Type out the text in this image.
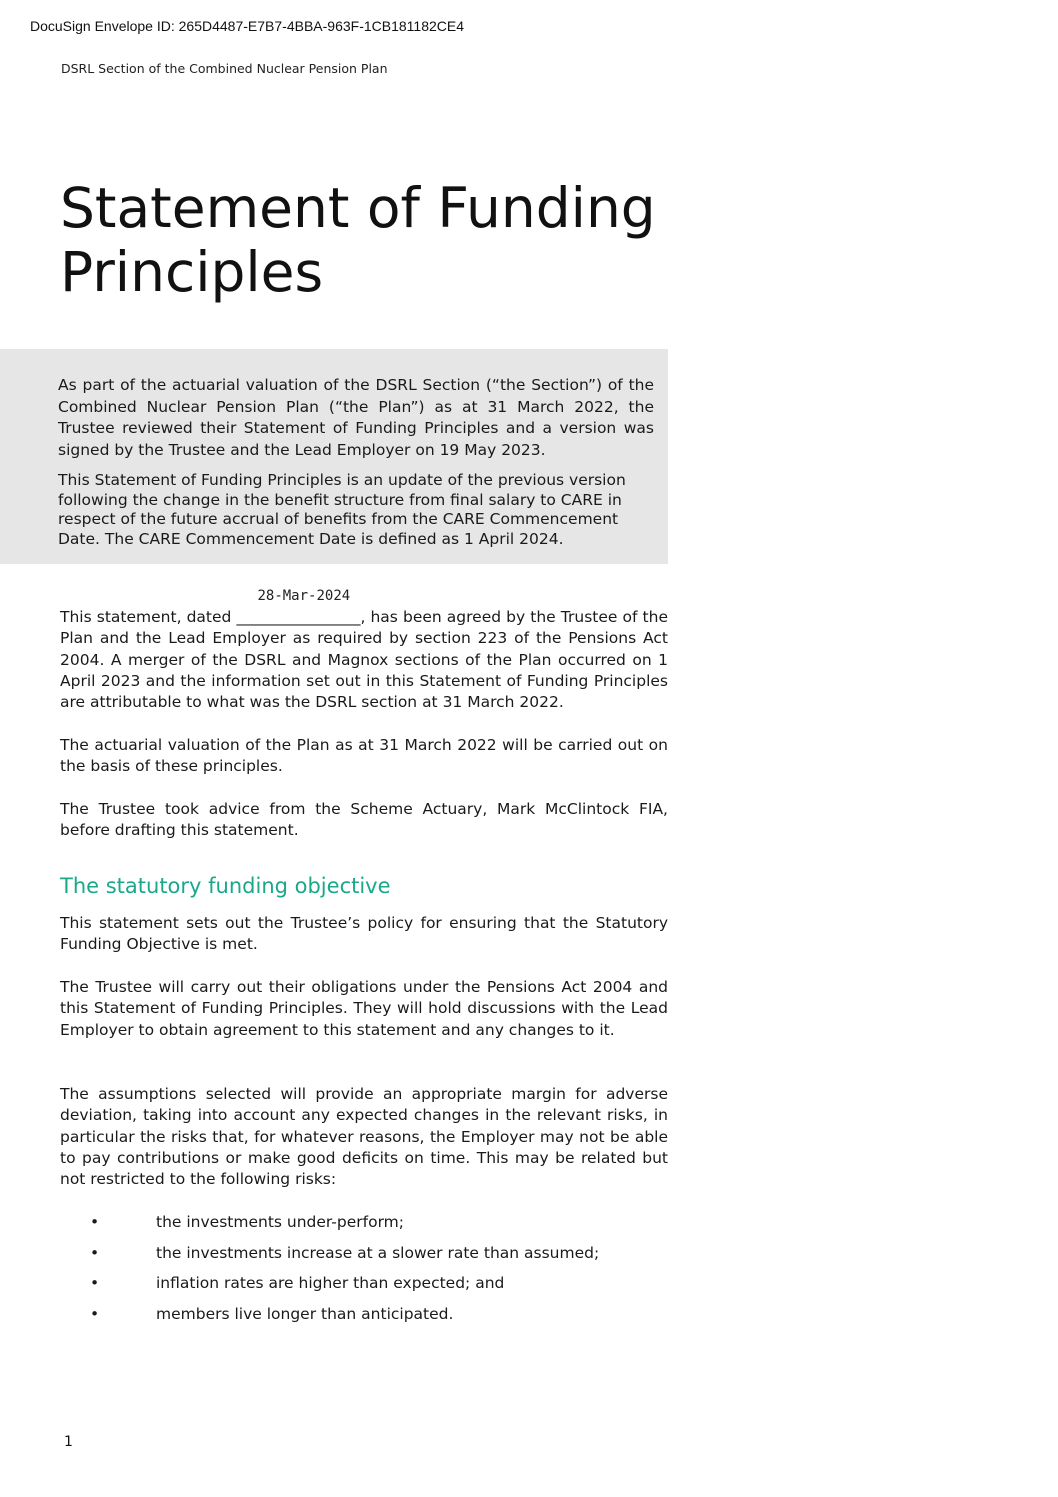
DocuSign Envelope ID: 265D4487-E7B7-4BBA-963F-1CB181182CE4
DSRL Section of the Combined Nuclear Pension Plan
Statement of Funding Principles

As part of the actuarial valuation of the DSRL Section (“the Section”) of the Combined Nuclear Pension Plan (“the Plan”) as at 31 March 2022, the Trustee reviewed their Statement of Funding Principles and a version was signed by the Trustee and the Lead Employer on 19 May 2023.

This Statement of Funding Principles is an update of the previous version following the change in the benefit structure from final salary to CARE in respect of the future accrual of benefits from the CARE Commencement Date. The CARE Commencement Date is defined as 1 April 2024.

This statement, dated
28-Mar-2024
________________, has been agreed by the Trustee of the Plan and the Lead Employer as required by section 223 of the Pensions Act 2004. A merger of the DSRL and Magnox sections of the Plan occurred on 1 April 2023 and the information set out in this Statement of Funding Principles are attributable to what was the DSRL section at 31 March 2022.

The actuarial valuation of the Plan as at 31 March 2022 will be carried out on the basis of these principles.

The Trustee took advice from the Scheme Actuary, Mark McClintock FIA, before drafting this statement.

The statutory funding objective

This statement sets out the Trustee’s policy for ensuring that the Statutory Funding Objective is met.

The Trustee will carry out their obligations under the Pensions Act 2004 and this Statement of Funding Principles. They will hold discussions with the Lead Employer to obtain agreement to this statement and any changes to it.

The assumptions selected will provide an appropriate margin for adverse deviation, taking into account any expected changes in the relevant risks, in particular the risks that, for whatever reasons, the Employer may not be able to pay contributions or make good deficits on time. This may be related but not restricted to the following risks:

•	the investments under-perform;
•	the investments increase at a slower rate than assumed;
•	inflation rates are higher than expected; and
•	members live longer than anticipated.
1
